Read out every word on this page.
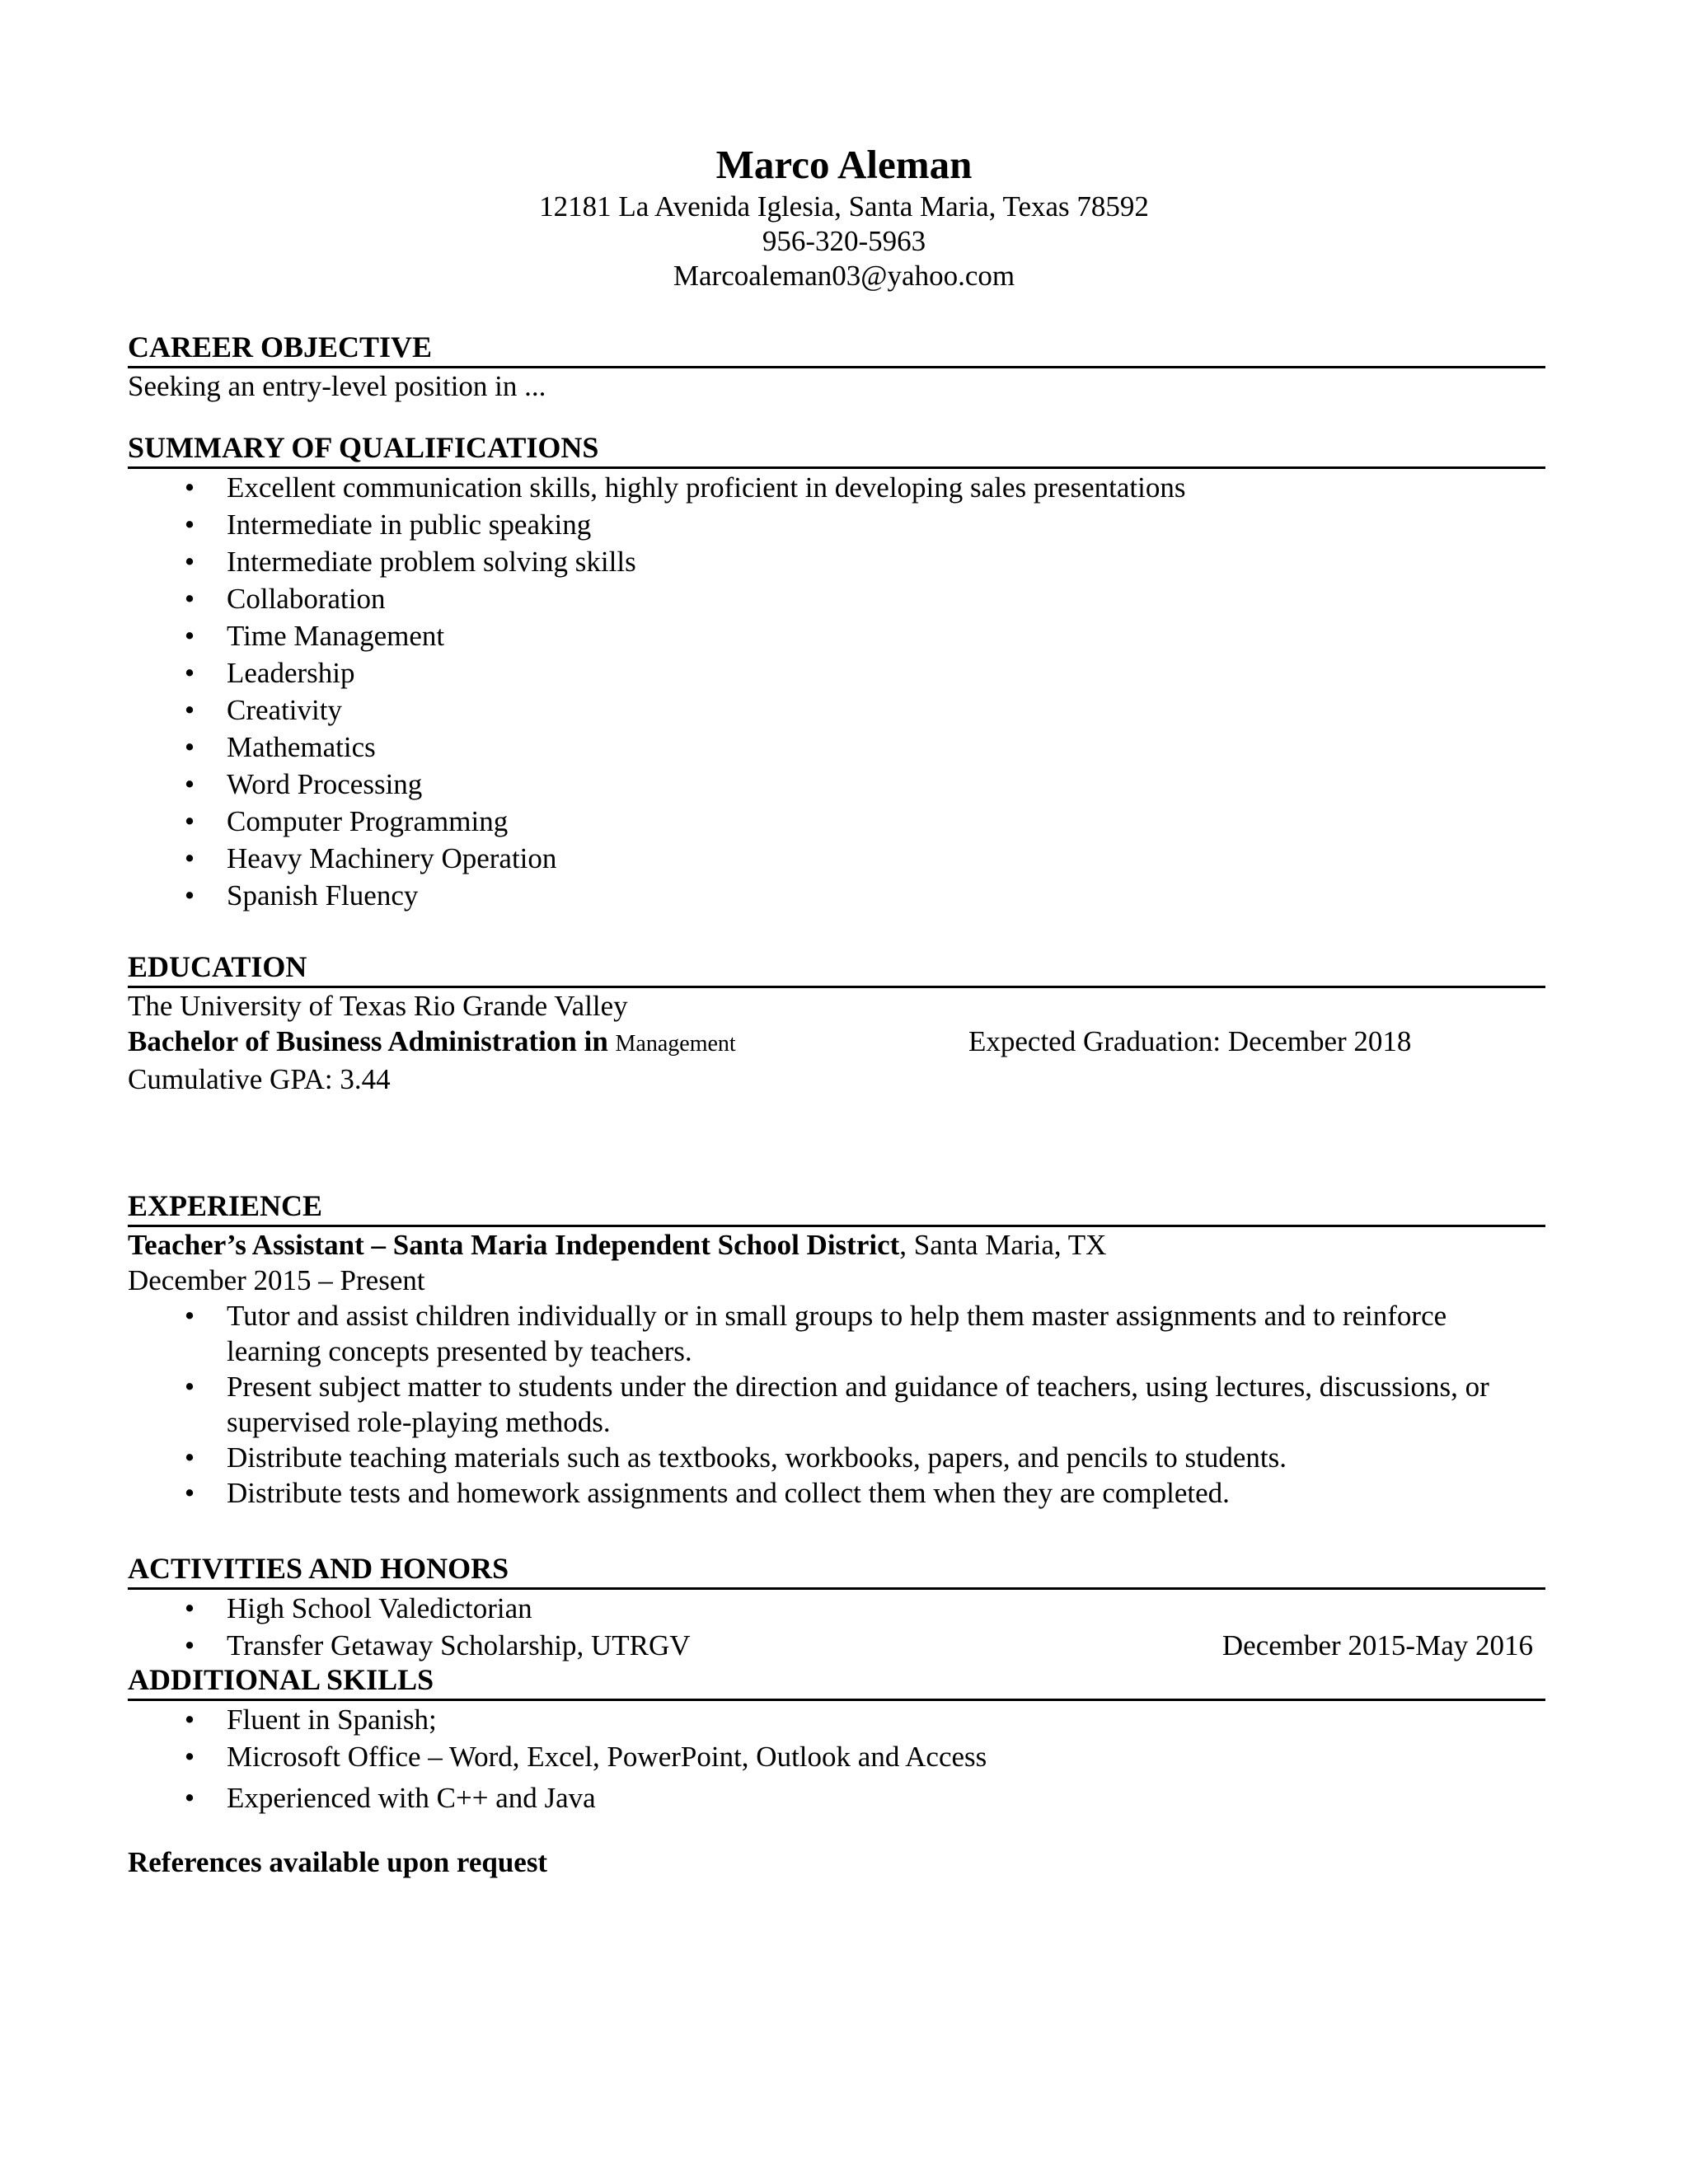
Marco Aleman
12181 La Avenida Iglesia, Santa Maria, Texas 78592
956-320-5963
Marcoaleman03@yahoo.com
CAREER OBJECTIVE
Seeking an entry-level position in ...
SUMMARY OF QUALIFICATIONS
• Excellent communication skills, highly proficient in developing sales presentations
• Intermediate in public speaking
• Intermediate problem solving skills
• Collaboration
• Time Management
• Leadership
• Creativity
• Mathematics
• Word Processing
• Computer Programming
• Heavy Machinery Operation
• Spanish Fluency
EDUCATION
The University of Texas Rio Grande Valley
Bachelor of Business Administration in Management	Expected Graduation: December 2018
Cumulative GPA: 3.44
EXPERIENCE
Teacher’s Assistant – Santa Maria Independent School District, Santa Maria, TX
December 2015 – Present
• Tutor and assist children individually or in small groups to help them master assignments and to reinforce learning concepts presented by teachers.
• Present subject matter to students under the direction and guidance of teachers, using lectures, discussions, or supervised role-playing methods.
• Distribute teaching materials such as textbooks, workbooks, papers, and pencils to students.
• Distribute tests and homework assignments and collect them when they are completed.
ACTIVITIES AND HONORS
• High School Valedictorian
• Transfer Getaway Scholarship, UTRGV	December 2015-May 2016
ADDITIONAL SKILLS
• Fluent in Spanish;
• Microsoft Office – Word, Excel, PowerPoint, Outlook and Access
• Experienced with C++ and Java
References available upon request
